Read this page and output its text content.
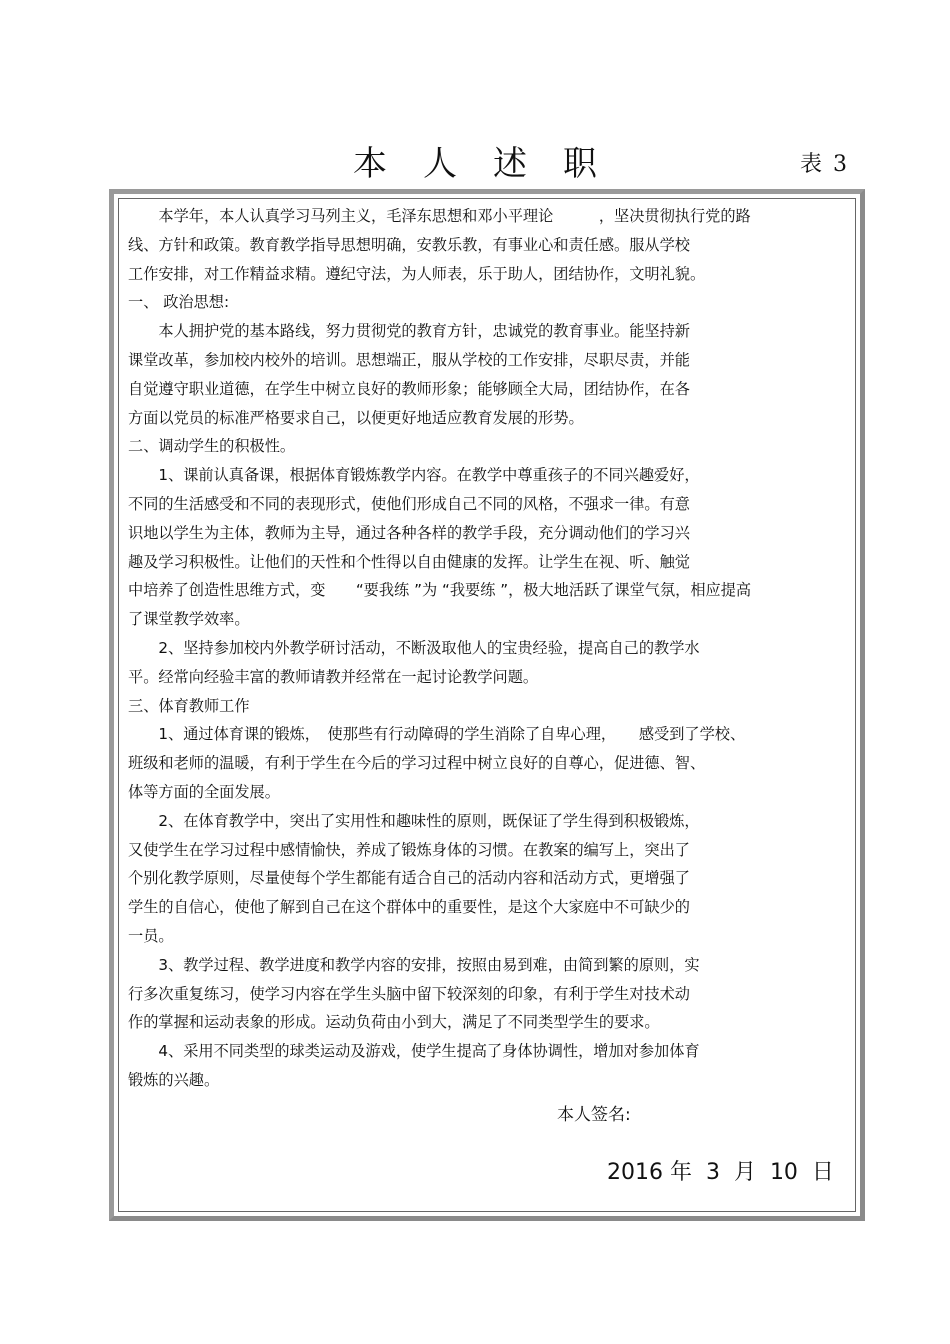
本人述职	表 3

　　本学年，本人认真学习马列主义，毛泽东思想和邓小平理论　　　，坚决贯彻执行党的路

线、方针和政策。教育教学指导思想明确，安教乐教，有事业心和责任感。服从学校

工作安排，对工作精益求精。遵纪守法，为人师表，乐于助人，团结协作，文明礼貌。

一、 政治思想:

　　本人拥护党的基本路线，努力贯彻党的教育方针，忠诚党的教育事业。能坚持新

课堂改革，参加校内校外的培训。思想端正，服从学校的工作安排，尽职尽责，并能

自觉遵守职业道德，在学生中树立良好的教师形象；能够顾全大局，团结协作，在各

方面以党员的标准严格要求自己，以便更好地适应教育发展的形势。

二、调动学生的积极性。

　　1、课前认真备课，根据体育锻炼教学内容。在教学中尊重孩子的不同兴趣爱好，

不同的生活感受和不同的表现形式，使他们形成自己不同的风格，不强求一律。有意

识地以学生为主体，教师为主导，通过各种各样的教学手段，充分调动他们的学习兴

趣及学习积极性。让他们的天性和个性得以自由健康的发挥。让学生在视、听、触觉

中培养了创造性思维方式，变　　“要我练 ”为 “我要练 ”，极大地活跃了课堂气氛，相应提高

了课堂教学效率。

　　2、坚持参加校内外教学研讨活动，不断汲取他人的宝贵经验，提高自己的教学水

平。经常向经验丰富的教师请教并经常在一起讨论教学问题。

三、体育教师工作

　　1、通过体育课的锻炼，　使那些有行动障碍的学生消除了自卑心理，　　感受到了学校、

班级和老师的温暖，有利于学生在今后的学习过程中树立良好的自尊心，促进德、智、

体等方面的全面发展。

　　2、在体育教学中，突出了实用性和趣味性的原则，既保证了学生得到积极锻炼，

又使学生在学习过程中感情愉快，养成了锻炼身体的习惯。在教案的编写上，突出了

个别化教学原则，尽量使每个学生都能有适合自己的活动内容和活动方式，更增强了

学生的自信心，使他了解到自己在这个群体中的重要性，是这个大家庭中不可缺少的

一员。

　　3、教学过程、教学进度和教学内容的安排，按照由易到难，由简到繁的原则，实

行多次重复练习，使学习内容在学生头脑中留下较深刻的印象，有利于学生对技术动

作的掌握和运动表象的形成。运动负荷由小到大，满足了不同类型学生的要求。

　　4、采用不同类型的球类运动及游戏，使学生提高了身体协调性，增加对参加体育

锻炼的兴趣。

本人签名:
2016 年  3  月  10  日
